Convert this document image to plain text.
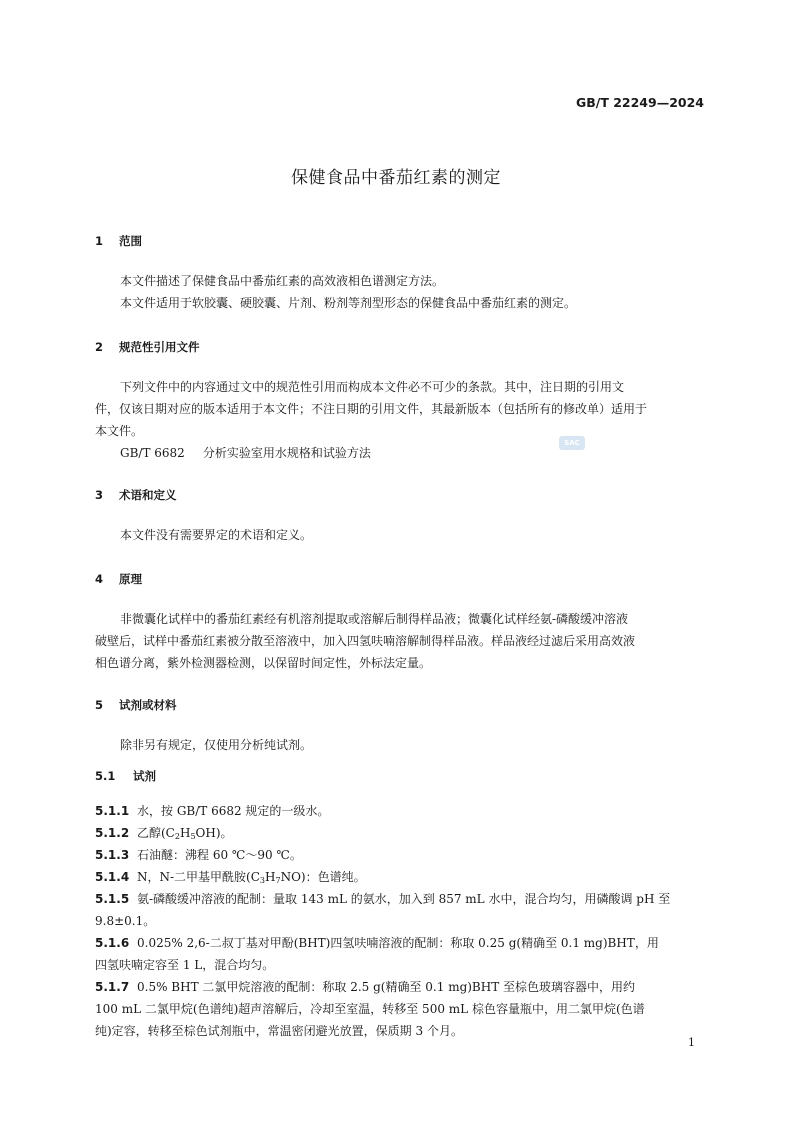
GB/T 22249—2024
保健食品中番茄红素的测定
1 范围
本文件描述了保健食品中番茄红素的高效液相色谱测定方法。
本文件适用于软胶囊、硬胶囊、片剂、粉剂等剂型形态的保健食品中番茄红素的测定。
2 规范性引用文件
下列文件中的内容通过文中的规范性引用而构成本文件必不可少的条款。其中，注日期的引用文
件，仅该日期对应的版本适用于本文件；不注日期的引用文件，其最新版本（包括所有的修改单）适用于
本文件。
GB/T 6682 分析实验室用水规格和试验方法
SAC
3 术语和定义
本文件没有需要界定的术语和定义。
4 原理
非微囊化试样中的番茄红素经有机溶剂提取或溶解后制得样品液；微囊化试样经氨-磷酸缓冲溶液
破壁后，试样中番茄红素被分散至溶液中，加入四氢呋喃溶解制得样品液。样品液经过滤后采用高效液
相色谱分离，紫外检测器检测，以保留时间定性，外标法定量。
5 试剂或材料
除非另有规定，仅使用分析纯试剂。
5.1 试剂
5.1.1 水，按 GB/T 6682 规定的一级水。
5.1.2 乙醇$(C_2H_5OH)$。
5.1.3 石油醚：沸程 60 ℃～90 ℃。
5.1.4 N，N-二甲基甲酰胺$(C_3H_7NO)$：色谱纯。
5.1.5 氨-磷酸缓冲溶液的配制：量取 143 mL 的氨水，加入到 857 mL 水中，混合均匀，用磷酸调 pH 至
9.8±0.1。
5.1.6 0.025% 2,6-二叔丁基对甲酚(BHT)四氢呋喃溶液的配制：称取 0.25 g(精确至 0.1 mg)BHT，用
四氢呋喃定容至 1 L，混合均匀。
5.1.7 0.5% BHT 二氯甲烷溶液的配制：称取 2.5 g(精确至 0.1 mg)BHT 至棕色玻璃容器中，用约
100 mL 二氯甲烷(色谱纯)超声溶解后，冷却至室温，转移至 500 mL 棕色容量瓶中，用二氯甲烷(色谱
纯)定容，转移至棕色试剂瓶中，常温密闭避光放置，保质期 3 个月。
1
